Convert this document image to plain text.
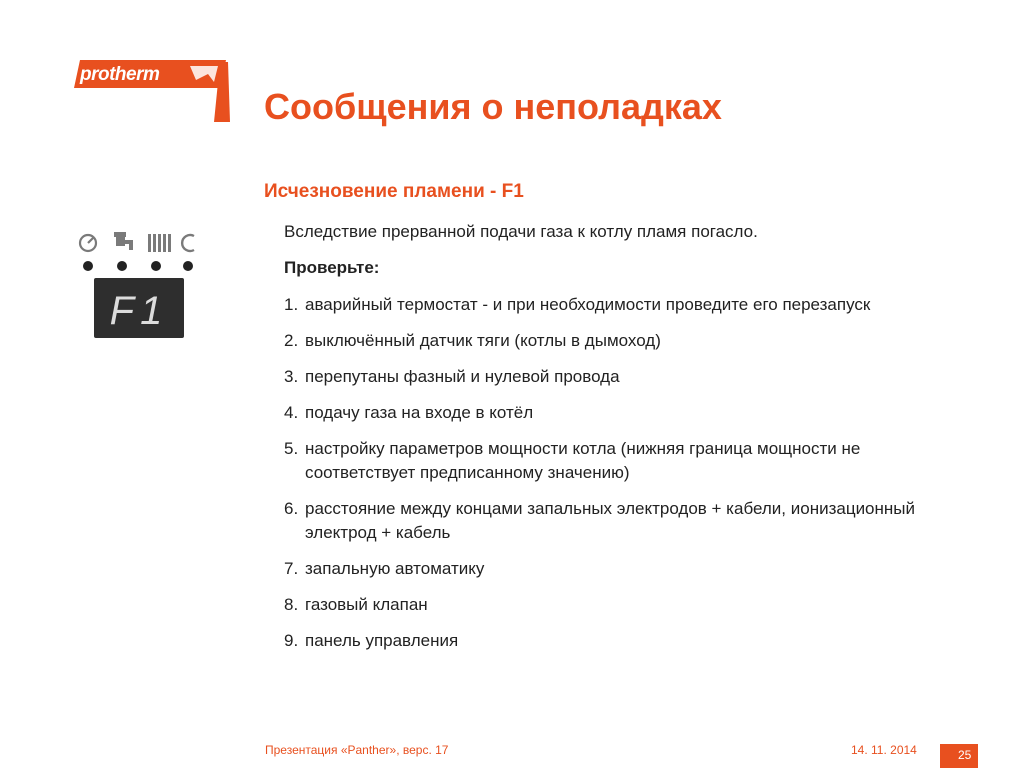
protherm
Сообщения о неполадках
Исчезновение пламени - F1

Вследствие прерванной подачи газа к котлу пламя погасло.

Проверьте:

1. аварийный термостат - и при необходимости проведите его перезапуск
2. выключённый датчик тяги (котлы в дымоход)
3. перепутаны фазный и нулевой провода
4. подачу газа на входе в котёл
5. настройку параметров мощности котла (нижняя граница мощности не соответствует предписанному значению)
6. расстояние между концами запальных электродов + кабели, ионизационный электрод + кабель
7. запальную автоматику
8. газовый клапан
9. панель управления
F1
Презентация «Panther», верс. 17	14. 11. 2014	25
